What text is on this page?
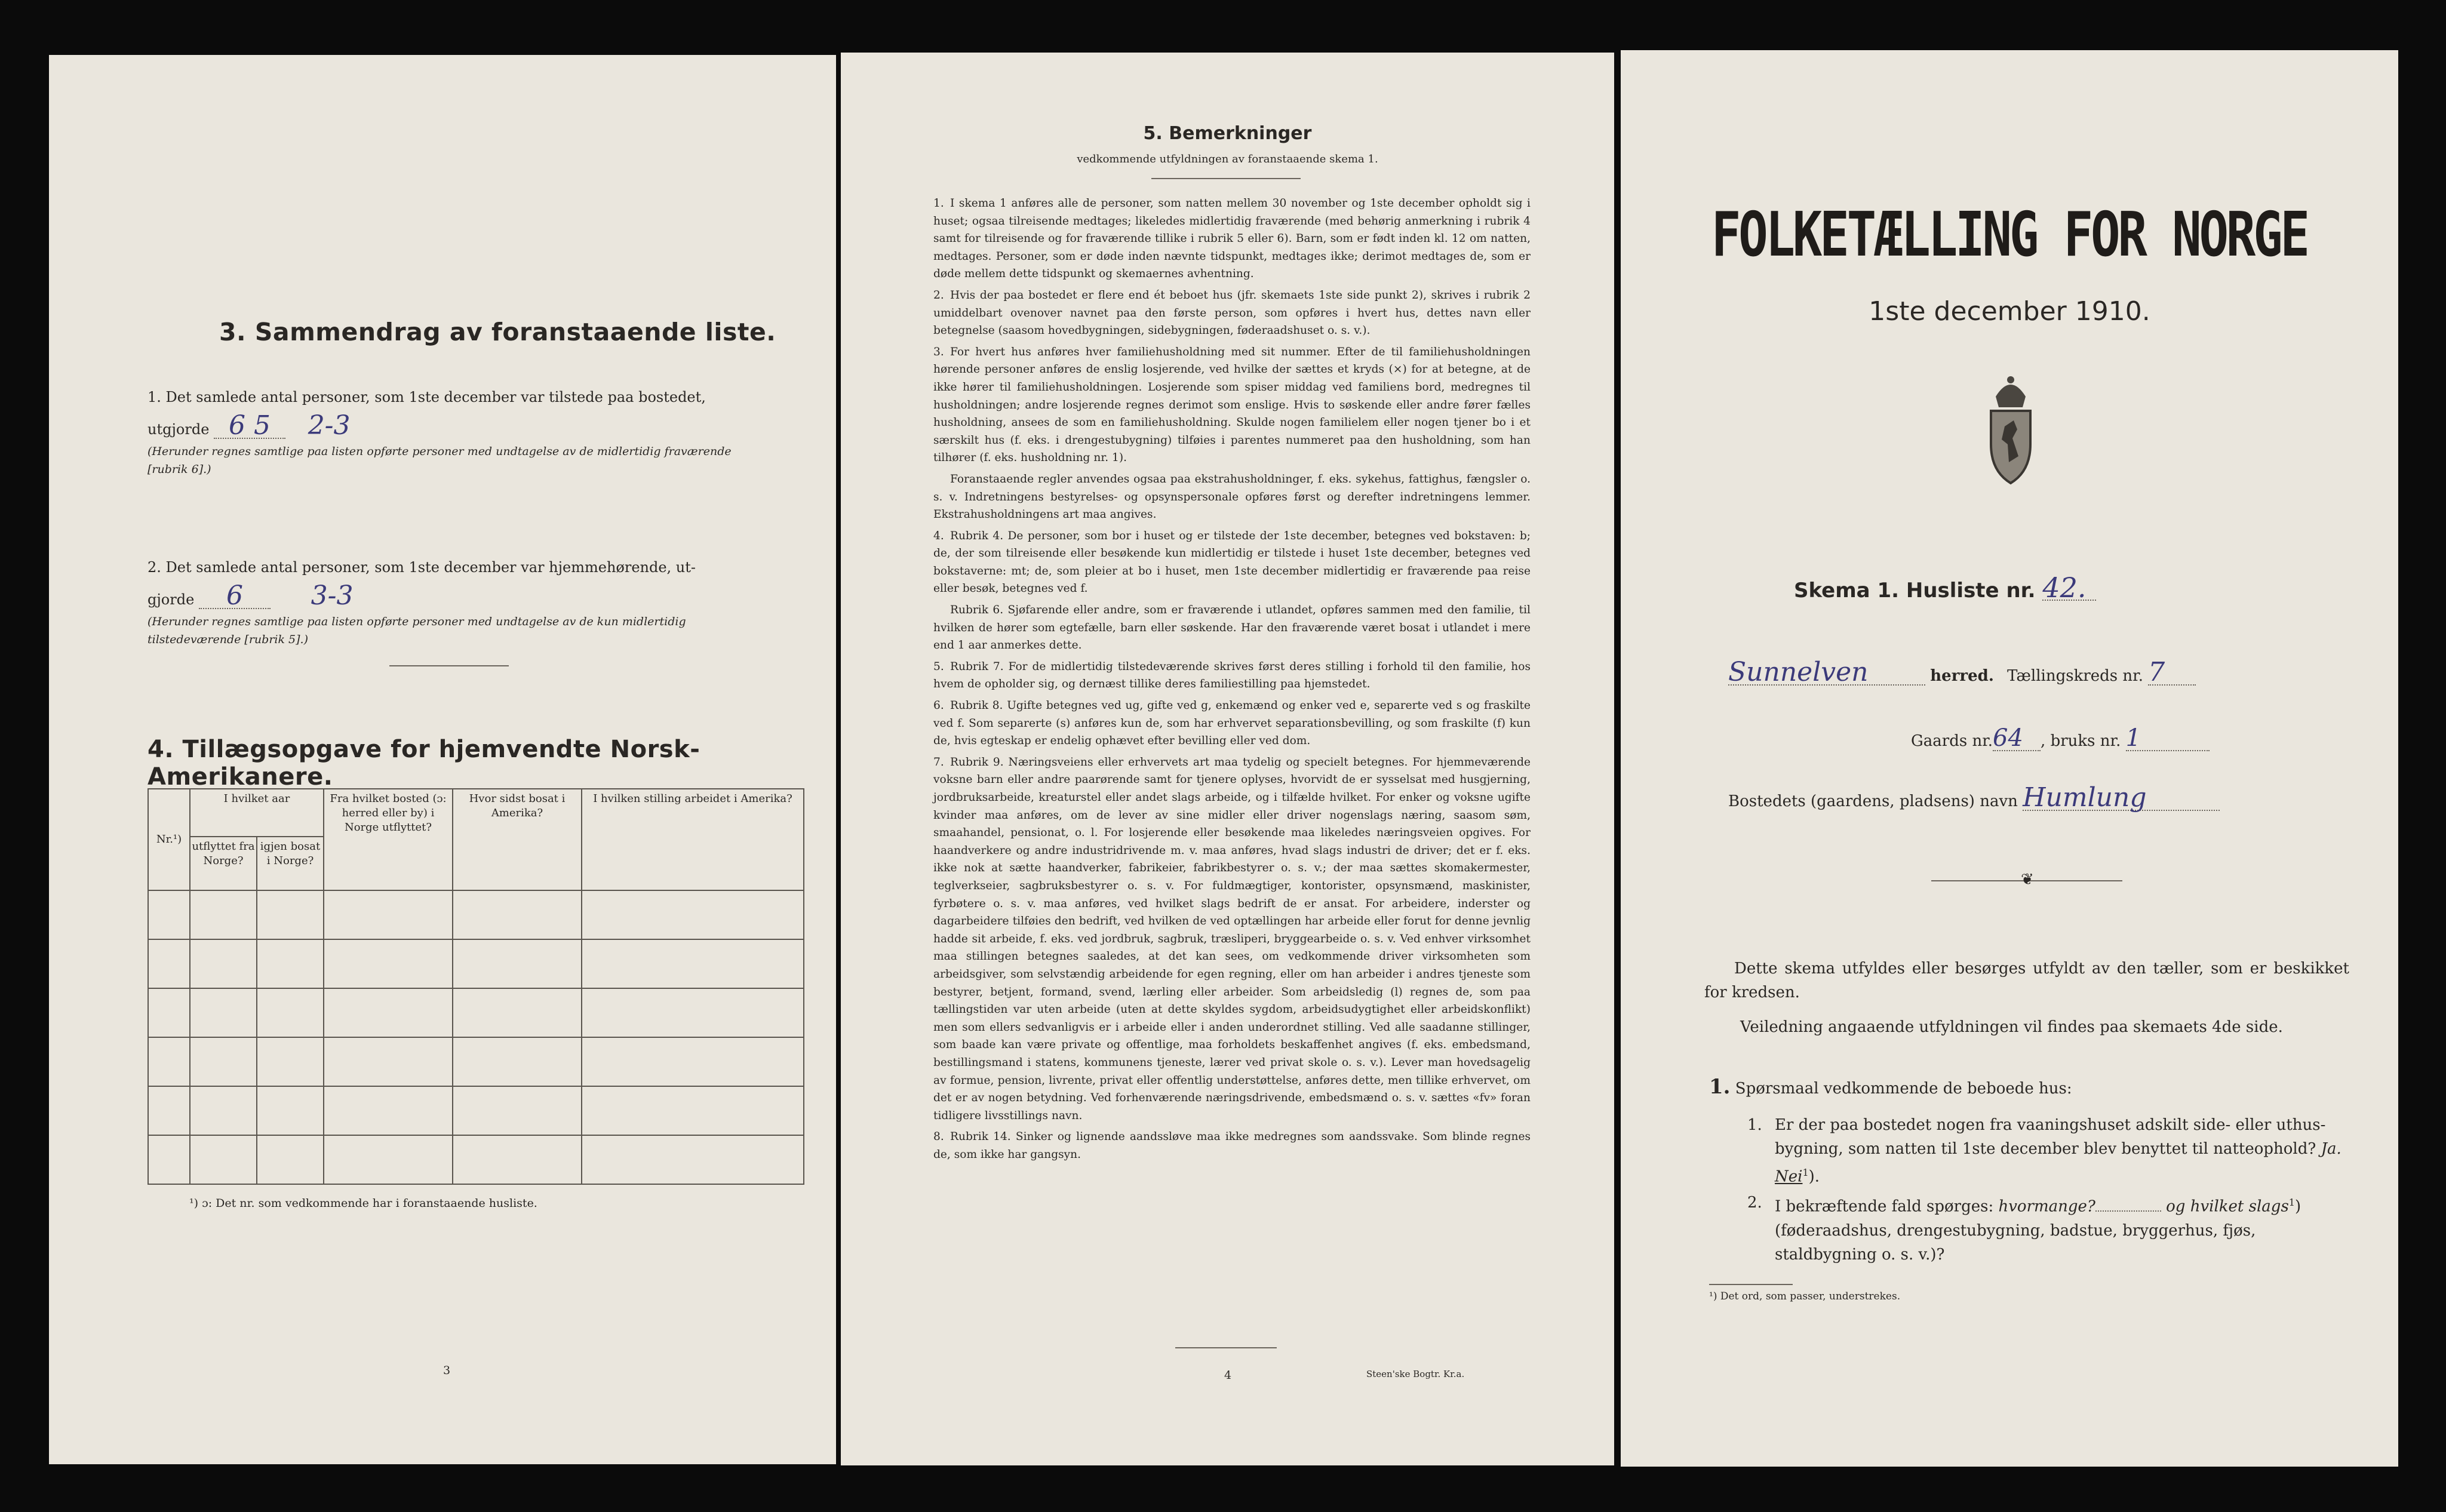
3. Sammendrag av foranstaaende liste.
1. Det samlede antal personer, som 1ste december var tilstede paa bostedet,
utgjorde 6 5 2-3
(Herunder regnes samtlige paa listen opførte personer med undtagelse av de midlertidig fraværende [rubrik 6].)
2. Det samlede antal personer, som 1ste december var hjemmehørende, ut-
gjorde 6	3-3
(Herunder regnes samtlige paa listen opførte personer med undtagelse av de kun midlertidig tilstedeværende [rubrik 5].)
4. Tillægsopgave for hjemvendte Norsk-Amerikanere.
Nr.¹)	I hvilket aar		Fra hvilket bosted (ɔ: herred eller by) i Norge utflyttet?	Hvor sidst bosat i Amerika?	I hvilken stilling arbeidet i Amerika?
	utflyttet fra Norge?	igjen bosat i Norge?			

¹) ɔ: Det nr. som vedkommende har i foranstaaende husliste.
3
5. Bemerkninger
vedkommende utfyldningen av foranstaaende skema 1.

1. I skema 1 anføres alle de personer, som natten mellem 30 november og 1ste december opholdt sig i huset; ogsaa tilreisende medtages; likeledes midlertidig fraværende (med behørig anmerkning i rubrik 4 samt for tilreisende og for fraværende tillike i rubrik 5 eller 6). Barn, som er født inden kl. 12 om natten, medtages. Personer, som er døde inden nævnte tidspunkt, medtages ikke; derimot medtages de, som er døde mellem dette tidspunkt og skemaernes avhentning.

2. Hvis der paa bostedet er flere end ét beboet hus (jfr. skemaets 1ste side punkt 2), skrives i rubrik 2 umiddelbart ovenover navnet paa den første person, som opføres i hvert hus, dettes navn eller betegnelse (saasom hovedbygningen, sidebygningen, føderaadshuset o. s. v.).

3. For hvert hus anføres hver familiehusholdning med sit nummer. Efter de til familiehusholdningen hørende personer anføres de enslig losjerende, ved hvilke der sættes et kryds (×) for at betegne, at de ikke hører til familiehusholdningen. Losjerende som spiser middag ved familiens bord, medregnes til husholdningen; andre losjerende regnes derimot som enslige. Hvis to søskende eller andre fører fælles husholdning, ansees de som en familiehusholdning. Skulde nogen familielem eller nogen tjener bo i et særskilt hus (f. eks. i drengestubygning) tilføies i parentes nummeret paa den husholdning, som han tilhører (f. eks. husholdning nr. 1).

Foranstaaende regler anvendes ogsaa paa ekstrahusholdninger, f. eks. sykehus, fattighus, fængsler o. s. v. Indretningens bestyrelses- og opsynspersonale opføres først og derefter indretningens lemmer. Ekstrahusholdningens art maa angives.

4. Rubrik 4. De personer, som bor i huset og er tilstede der 1ste december, betegnes ved bokstaven: b; de, der som tilreisende eller besøkende kun midlertidig er tilstede i huset 1ste december, betegnes ved bokstaverne: mt; de, som pleier at bo i huset, men 1ste december midlertidig er fraværende paa reise eller besøk, betegnes ved f.

Rubrik 6. Sjøfarende eller andre, som er fraværende i utlandet, opføres sammen med den familie, til hvilken de hører som egtefælle, barn eller søskende. Har den fraværende været bosat i utlandet i mere end 1 aar anmerkes dette.

5. Rubrik 7. For de midlertidig tilstedeværende skrives først deres stilling i forhold til den familie, hos hvem de opholder sig, og dernæst tillike deres familiestilling paa hjemstedet.

6. Rubrik 8. Ugifte betegnes ved ug, gifte ved g, enkemænd og enker ved e, separerte ved s og fraskilte ved f. Som separerte (s) anføres kun de, som har erhvervet separationsbevilling, og som fraskilte (f) kun de, hvis egteskap er endelig ophævet efter bevilling eller ved dom.

7. Rubrik 9. Næringsveiens eller erhvervets art maa tydelig og specielt betegnes. For hjemmeværende voksne barn eller andre paarørende samt for tjenere oplyses, hvorvidt de er sysselsat med husgjerning, jordbruksarbeide, kreaturstel eller andet slags arbeide, og i tilfælde hvilket. For enker og voksne ugifte kvinder maa anføres, om de lever av sine midler eller driver nogenslags næring, saasom søm, smaahandel, pensionat, o. l. For losjerende eller besøkende maa likeledes næringsveien opgives. For haandverkere og andre industridrivende m. v. maa anføres, hvad slags industri de driver; det er f. eks. ikke nok at sætte haandverker, fabrikeier, fabrikbestyrer o. s. v.; der maa sættes skomakermester, teglverkseier, sagbruksbestyrer o. s. v. For fuldmægtiger, kontorister, opsynsmænd, maskinister, fyrbøtere o. s. v. maa anføres, ved hvilket slags bedrift de er ansat. For arbeidere, inderster og dagarbeidere tilføies den bedrift, ved hvilken de ved optællingen har arbeide eller forut for denne jevnlig hadde sit arbeide, f. eks. ved jordbruk, sagbruk, træsliperi, bryggearbeide o. s. v. Ved enhver virksomhet maa stillingen betegnes saaledes, at det kan sees, om vedkommende driver virksomheten som arbeidsgiver, som selvstændig arbeidende for egen regning, eller om han arbeider i andres tjeneste som bestyrer, betjent, formand, svend, lærling eller arbeider. Som arbeidsledig (l) regnes de, som paa tællingstiden var uten arbeide (uten at dette skyldes sygdom, arbeidsudygtighet eller arbeidskonflikt) men som ellers sedvanligvis er i arbeide eller i anden underordnet stilling. Ved alle saadanne stillinger, som baade kan være private og offentlige, maa forholdets beskaffenhet angives (f. eks. embedsmand, bestillingsmand i statens, kommunens tjeneste, lærer ved privat skole o. s. v.). Lever man hovedsagelig av formue, pension, livrente, privat eller offentlig understøttelse, anføres dette, men tillike erhvervet, om det er av nogen betydning. Ved forhenværende næringsdrivende, embedsmænd o. s. v. sættes «fv» foran tidligere livsstillings navn.

8. Rubrik 14. Sinker og lignende aandssløve maa ikke medregnes som aandssvake. Som blinde regnes de, som ikke har gangsyn.

4	Steen'ske Bogtr. Kr.a.
FOLKETÆLLING FOR NORGE
1ste december 1910.
Skema 1. Husliste nr. 42.
Sunnelven	herred. Tællingskreds nr. 7
Gaards nr.64 , bruks nr. 1
Bostedets (gaardens, pladsens) navn Humlung
❦
Dette skema utfyldes eller besørges utfyldt av den tæller, som er beskikket for kredsen.
Veiledning angaaende utfyldningen vil findes paa skemaets 4de side.
1. Spørsmaal vedkommende de beboede hus:
1. Er der paa bostedet nogen fra vaaningshuset adskilt side- eller uthus-bygning, som natten til 1ste december blev benyttet til natteophold? Ja. Nei$^1$).
2. I bekræftende fald spørges: hvormange?	og hvilket slags$^1$) (føderaadshus, drengestubygning, badstue, bryggerhus, fjøs, staldbygning o. s. v.)?
¹) Det ord, som passer, understrekes.
